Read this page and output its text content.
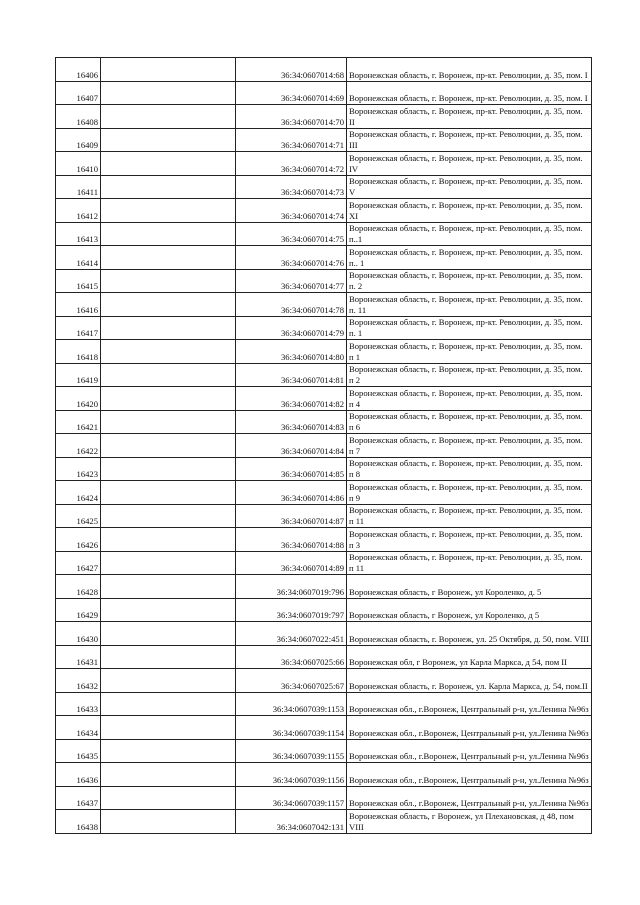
16406		36:34:0607014:68	Воронежская область, г. Воронеж, пр-кт. Революции, д. 35, пом. I
16407		36:34:0607014:69	Воронежская область, г. Воронеж, пр-кт. Революции, д. 35, пом. I
16408		36:34:0607014:70	Воронежская область, г. Воронеж, пр-кт. Революции, д. 35, пом. II
16409		36:34:0607014:71	Воронежская область, г. Воронеж, пр-кт. Революции, д. 35, пом. III
16410		36:34:0607014:72	Воронежская область, г. Воронеж, пр-кт. Революции, д. 35, пом. IV
16411		36:34:0607014:73	Воронежская область, г. Воронеж, пр-кт. Революции, д. 35, пом. V
16412		36:34:0607014:74	Воронежская область, г. Воронеж, пр-кт. Революции, д. 35, пом. XI
16413		36:34:0607014:75	Воронежская область, г. Воронеж, пр-кт. Революции, д. 35, пом. п..1
16414		36:34:0607014:76	Воронежская область, г. Воронеж, пр-кт. Революции, д. 35, пом. п.. 1
16415		36:34:0607014:77	Воронежская область, г. Воронеж, пр-кт. Революции, д. 35, пом. п. 2
16416		36:34:0607014:78	Воронежская область, г. Воронеж, пр-кт. Революции, д. 35, пом. п. 11
16417		36:34:0607014:79	Воронежская область, г. Воронеж, пр-кт. Революции, д. 35, пом. п. 1
16418		36:34:0607014:80	Воронежская область, г. Воронеж, пр-кт. Революции, д. 35, пом. п 1
16419		36:34:0607014:81	Воронежская область, г. Воронеж, пр-кт. Революции, д. 35, пом. п 2
16420		36:34:0607014:82	Воронежская область, г. Воронеж, пр-кт. Революции, д. 35, пом. п 4
16421		36:34:0607014:83	Воронежская область, г. Воронеж, пр-кт. Революции, д. 35, пом. п 6
16422		36:34:0607014:84	Воронежская область, г. Воронеж, пр-кт. Революции, д. 35, пом. п 7
16423		36:34:0607014:85	Воронежская область, г. Воронеж, пр-кт. Революции, д. 35, пом. п 8
16424		36:34:0607014:86	Воронежская область, г. Воронеж, пр-кт. Революции, д. 35, пом. п 9
16425		36:34:0607014:87	Воронежская область, г. Воронеж, пр-кт. Революции, д. 35, пом. п 11
16426		36:34:0607014:88	Воронежская область, г. Воронеж, пр-кт. Революции, д. 35, пом. п 3
16427		36:34:0607014:89	Воронежская область, г. Воронеж, пр-кт. Революции, д. 35, пом. п 11
16428		36:34:0607019:796	Воронежская область, г Воронеж, ул Короленко, д. 5
16429		36:34:0607019:797	Воронежская область, г Воронеж, ул Короленко, д 5
16430		36:34:0607022:451	Воронежская область, г. Воронеж, ул. 25 Октября, д. 50, пом. VIII
16431		36:34:0607025:66	Воронежская обл, г Воронеж, ул Карла Маркса, д 54, пом II
16432		36:34:0607025:67	Воронежская область, г. Воронеж, ул. Карла Маркса, д. 54, пом.II
16433		36:34:0607039:1153	Воронежская обл., г.Воронеж, Центральный р-н, ул.Ленина №96з
16434		36:34:0607039:1154	Воронежская обл., г.Воронеж, Центральный р-н, ул.Ленина №96з
16435		36:34:0607039:1155	Воронежская обл., г.Воронеж, Центральный р-н, ул.Ленина №96з
16436		36:34:0607039:1156	Воронежская обл., г.Воронеж, Центральный р-н, ул.Ленина №96з
16437		36:34:0607039:1157	Воронежская обл., г.Воронеж, Центральный р-н, ул.Ленина №96з
16438		36:34:0607042:131	Воронежская область, г Воронеж, ул Плехановская, д 48, пом VIII
